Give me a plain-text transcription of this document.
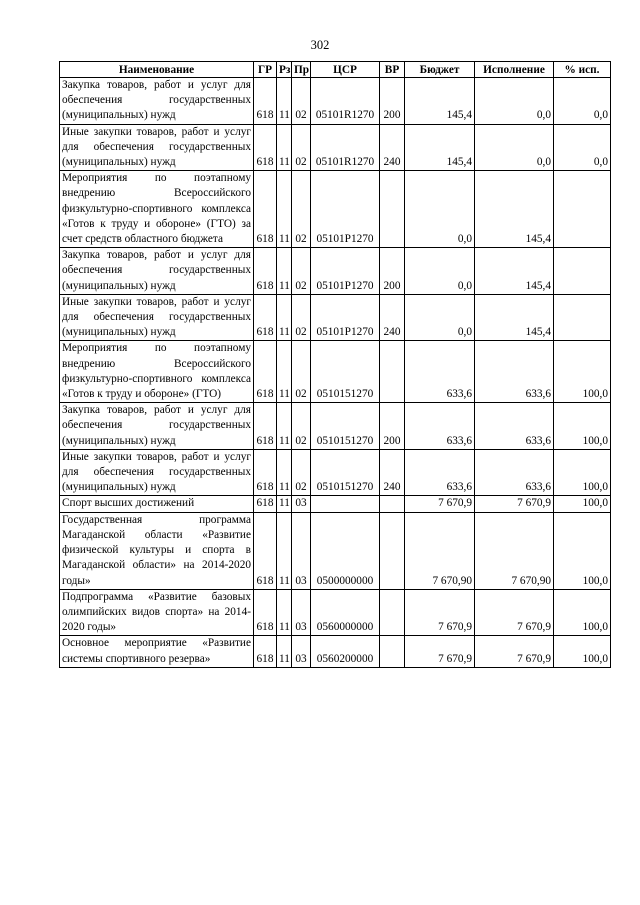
302
Наименование	ГР	Рз	Пр	ЦСР	ВР	Бюджет	Исполнение	% исп.
Закупка товаров, работ и услуг для обеспечения государственных (муниципальных) нужд	618	11	02	05101R1270	200	145,4	0,0	0,0
Иные закупки товаров, работ и услуг для обеспечения государственных (муниципальных) нужд	618	11	02	05101R1270	240	145,4	0,0	0,0
Мероприятия по поэтапному внедрению Всероссийского физкультурно-спортивного комплекса «Готов к труду и обороне» (ГТО) за счет средств областного бюджета	618	11	02	05101P1270		0,0	145,4	
Закупка товаров, работ и услуг для обеспечения государственных (муниципальных) нужд	618	11	02	05101P1270	200	0,0	145,4	
Иные закупки товаров, работ и услуг для обеспечения государственных (муниципальных) нужд	618	11	02	05101P1270	240	0,0	145,4	
Мероприятия по поэтапному внедрению Всероссийского физкультурно-спортивного комплекса «Готов к труду и обороне» (ГТО)	618	11	02	0510151270		633,6	633,6	100,0
Закупка товаров, работ и услуг для обеспечения государственных (муниципальных) нужд	618	11	02	0510151270	200	633,6	633,6	100,0
Иные закупки товаров, работ и услуг для обеспечения государственных (муниципальных) нужд	618	11	02	0510151270	240	633,6	633,6	100,0
Спорт высших достижений	618	11	03			7 670,9	7 670,9	100,0
Государственная программа Магаданской области «Развитие физической культуры и спорта в Магаданской области» на 2014-2020 годы»	618	11	03	0500000000		7 670,90	7 670,90	100,0
Подпрограмма «Развитие базовых олимпийских видов спорта» на 2014-2020 годы»	618	11	03	0560000000		7 670,9	7 670,9	100,0
Основное мероприятие «Развитие системы спортивного резерва»	618	11	03	0560200000		7 670,9	7 670,9	100,0
